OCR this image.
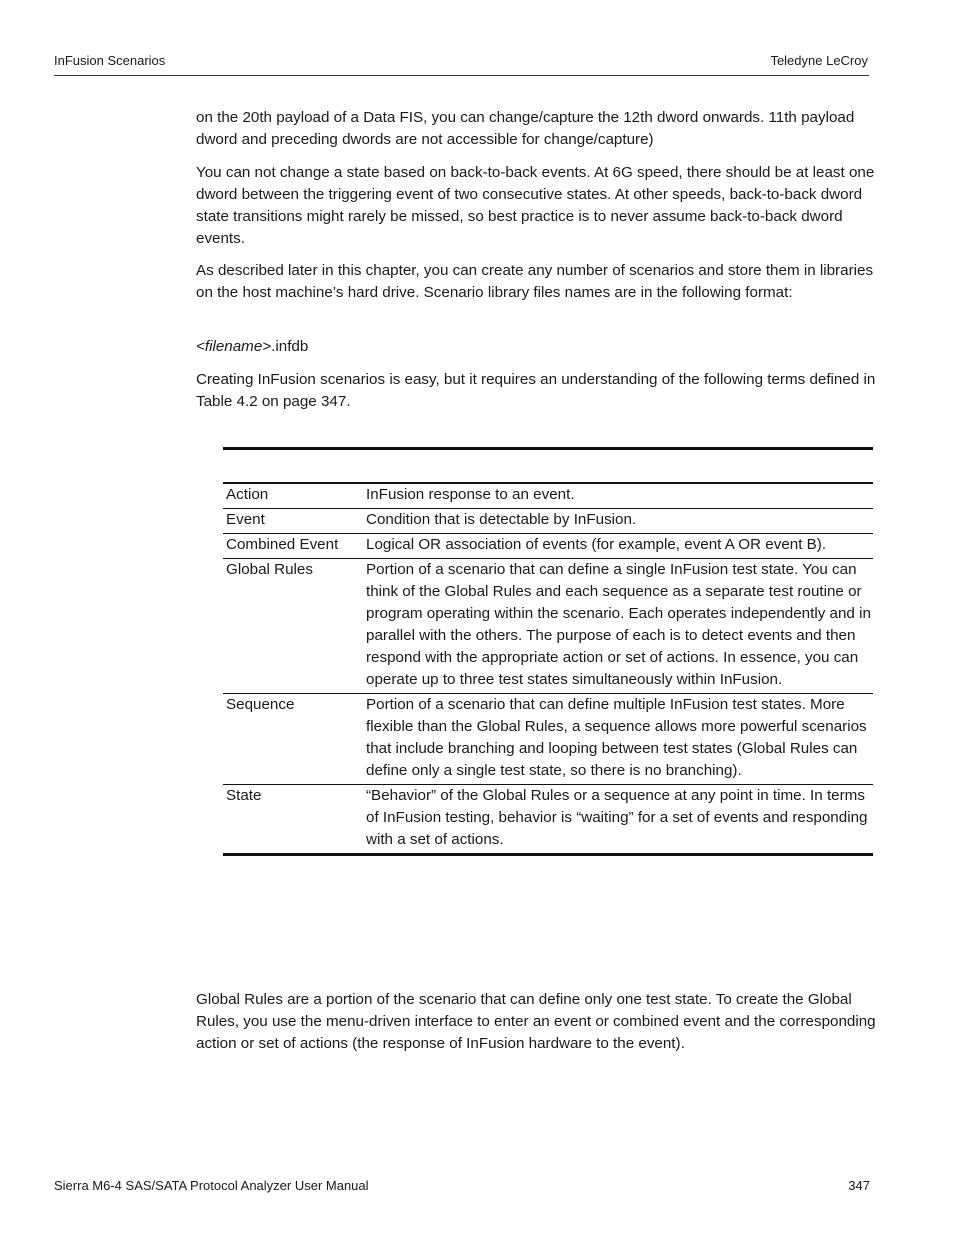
InFusion Scenarios	Teledyne LeCroy

on the 20th payload of a Data FIS, you can change/capture the 12th dword onwards. 11th payload dword and preceding dwords are not accessible for change/capture)

You can not change a state based on back-to-back events. At 6G speed, there should be at least one dword between the triggering event of two consecutive states. At other speeds, back-to-back dword state transitions might rarely be missed, so best practice is to never assume back-to-back dword events.

As described later in this chapter, you can create any number of scenarios and store them in libraries on the host machine’s hard drive. Scenario library files names are in the following format:

<filename>.infdb

Creating InFusion scenarios is easy, but it requires an understanding of the following terms defined in Table 4.2 on page 347.

Action	InFusion response to an event.
Event	Condition that is detectable by InFusion.
Combined Event	Logical OR association of events (for example, event A OR event B).
Global Rules	Portion of a scenario that can define a single InFusion test state. You can think of the Global Rules and each sequence as a separate test routine or program operating within the scenario. Each operates independently and in parallel with the others. The purpose of each is to detect events and then respond with the appropriate action or set of actions. In essence, you can operate up to three test states simultaneously within InFusion.
Sequence	Portion of a scenario that can define multiple InFusion test states. More flexible than the Global Rules, a sequence allows more powerful scenarios that include branching and looping between test states (Global Rules can define only a single test state, so there is no branching).
State	“Behavior” of the Global Rules or a sequence at any point in time. In terms of InFusion testing, behavior is “waiting” for a set of events and responding with a set of actions.

Global Rules are a portion of the scenario that can define only one test state. To create the Global Rules, you use the menu-driven interface to enter an event or combined event and the corresponding action or set of actions (the response of InFusion hardware to the event).

Sierra M6-4 SAS/SATA Protocol Analyzer User Manual	347
